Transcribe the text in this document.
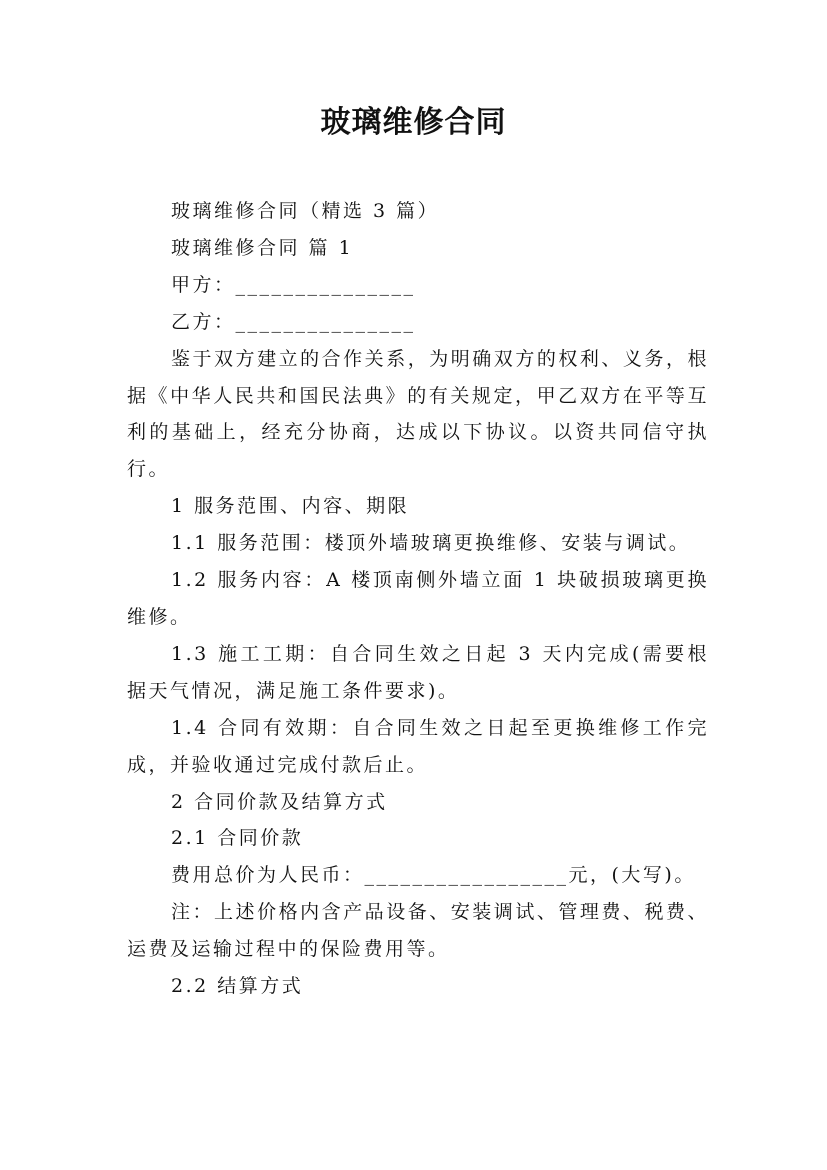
玻璃维修合同

玻璃维修合同（精选 3 篇）

玻璃维修合同 篇 1

甲方：_______________

乙方：_______________

鉴于双方建立的合作关系，为明确双方的权利、义务，根据《中华人民共和国民法典》的有关规定，甲乙双方在平等互利的基础上，经充分协商，达成以下协议。以资共同信守执行。

1 服务范围、内容、期限

1.1 服务范围：楼顶外墙玻璃更换维修、安装与调试。

1.2 服务内容：A 楼顶南侧外墙立面 1 块破损玻璃更换维修。

1.3 施工工期：自合同生效之日起 3 天内完成(需要根据天气情况，满足施工条件要求)。

1.4 合同有效期：自合同生效之日起至更换维修工作完成，并验收通过完成付款后止。

2 合同价款及结算方式

2.1 合同价款

费用总价为人民币：_________________元，(大写)。

注：上述价格内含产品设备、安装调试、管理费、税费、运费及运输过程中的保险费用等。

2.2 结算方式
